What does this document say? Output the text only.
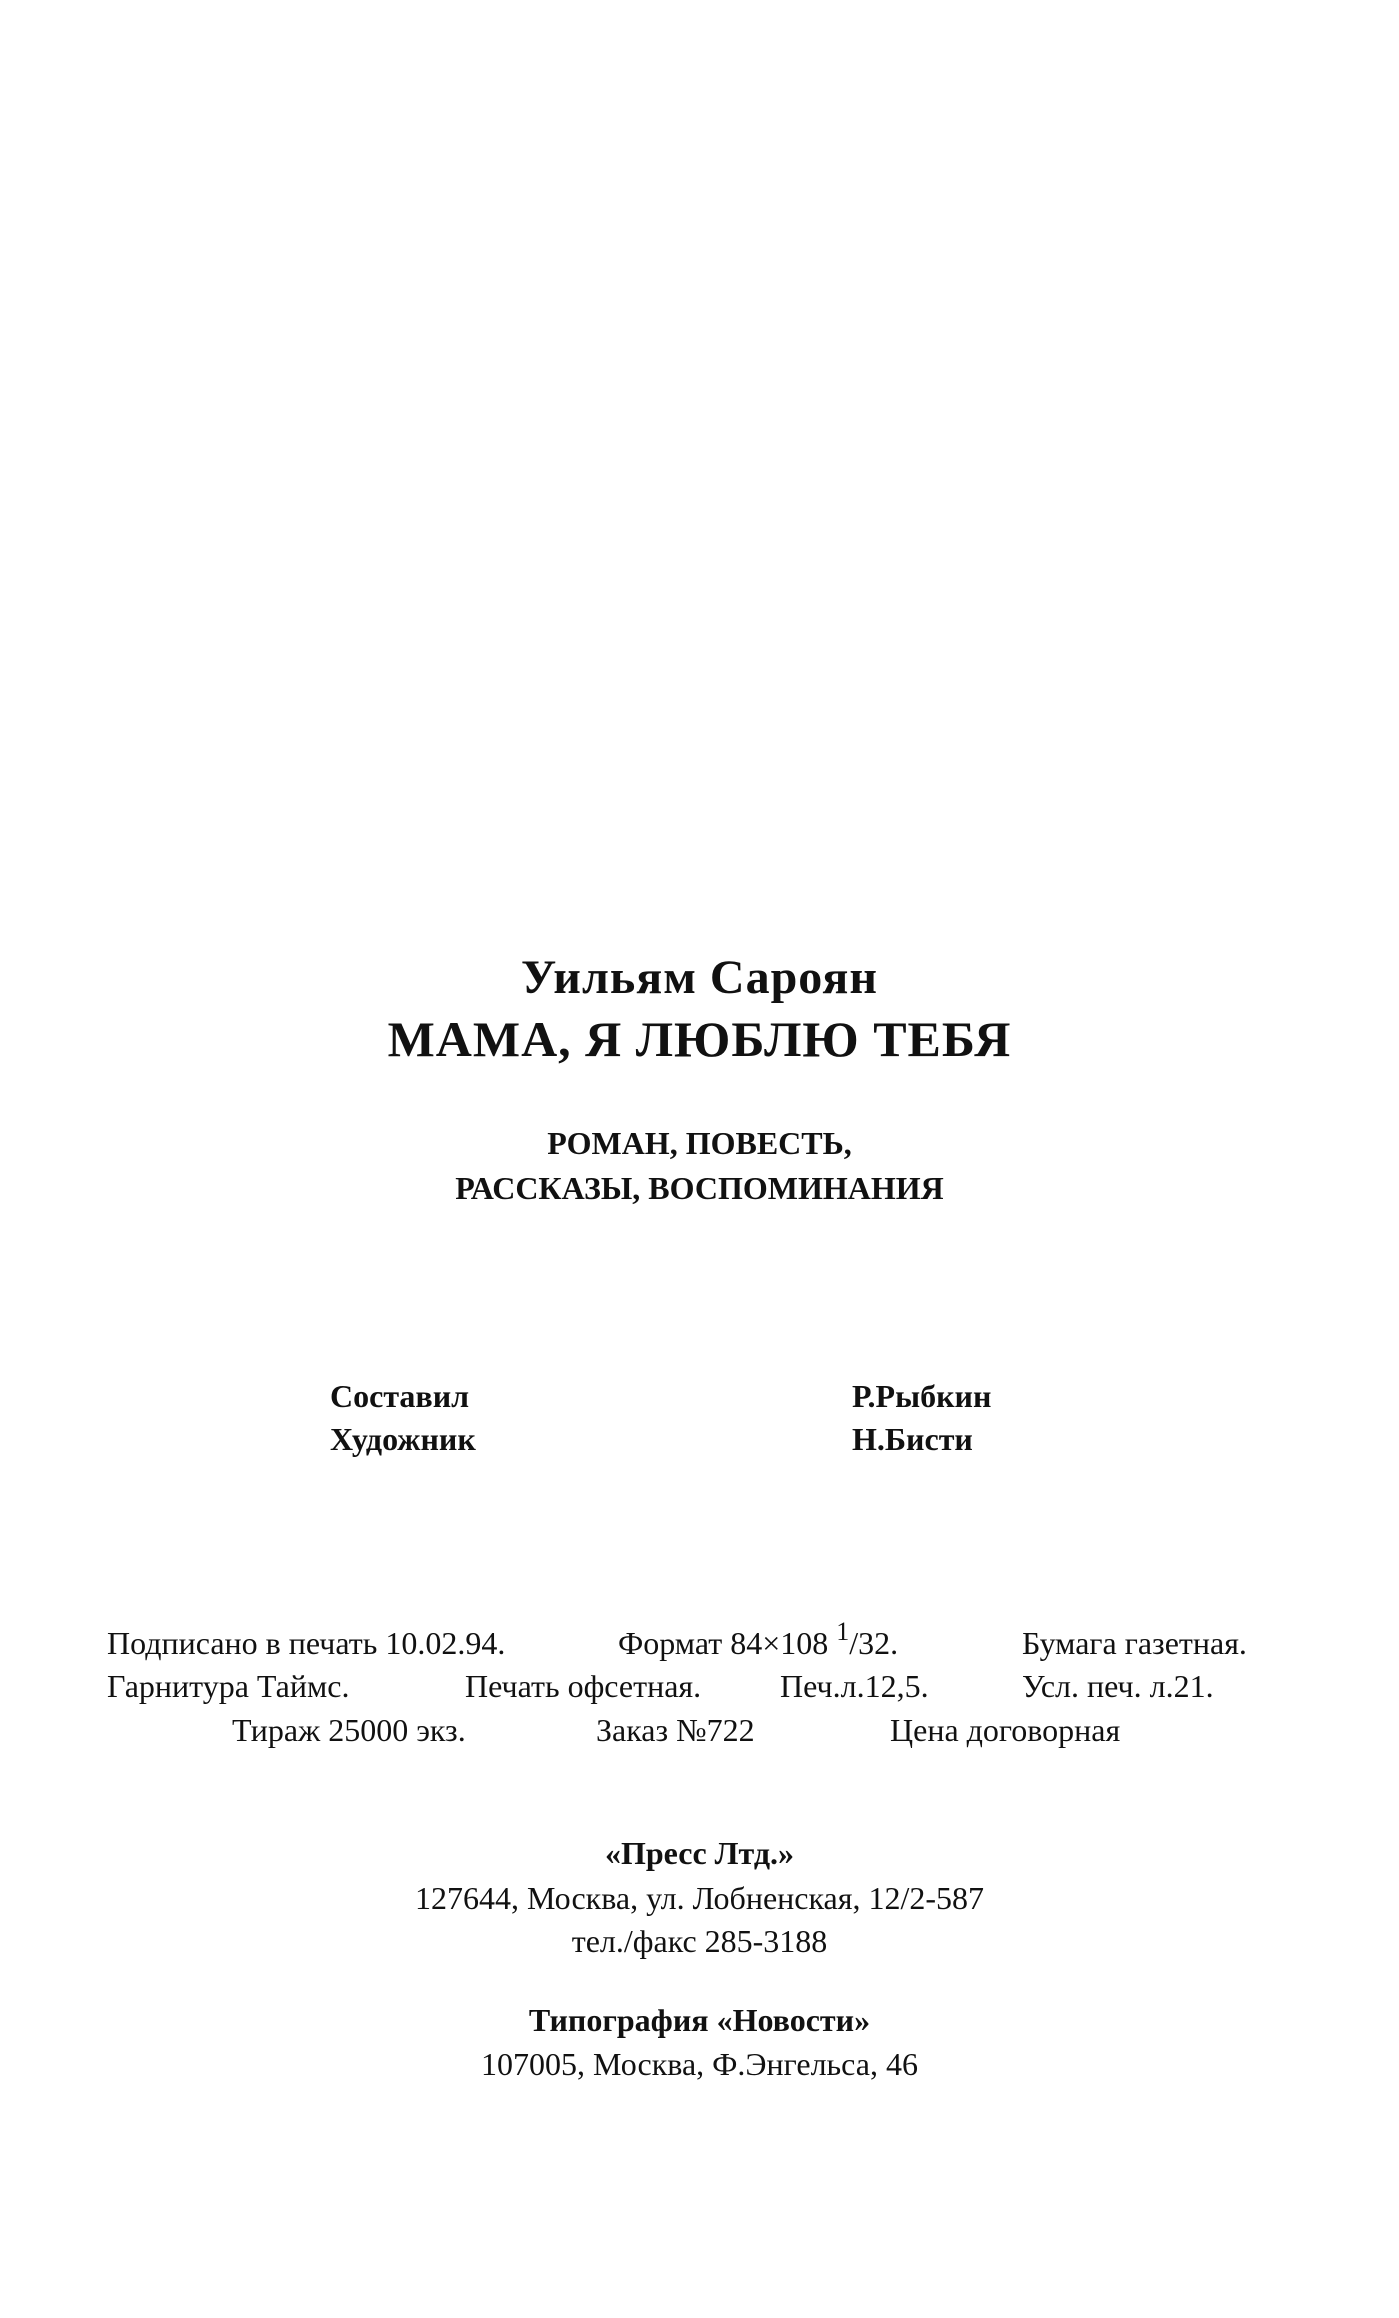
Уильям Сароян
МАМА, Я ЛЮБЛЮ ТЕБЯ
РОМАН, ПОВЕСТЬ,
РАССКАЗЫ, ВОСПОМИНАНИЯ
Составил	Р.Рыбкин
Художник	Н.Бисти
Подписано в печать 10.02.94.	Формат 84×108 $^1$/32.	Бумага газетная.
Гарнитура Таймс.	Печать офсетная. Печ.л.12,5.	Усл. печ. л.21.
Тираж 25000 экз.	Заказ №722	Цена договорная
«Пресс Лтд.»
127644, Москва, ул. Лобненская, 12/2-587
тел./факс 285-3188
Типография «Новости»
107005, Москва, Ф.Энгельса, 46
